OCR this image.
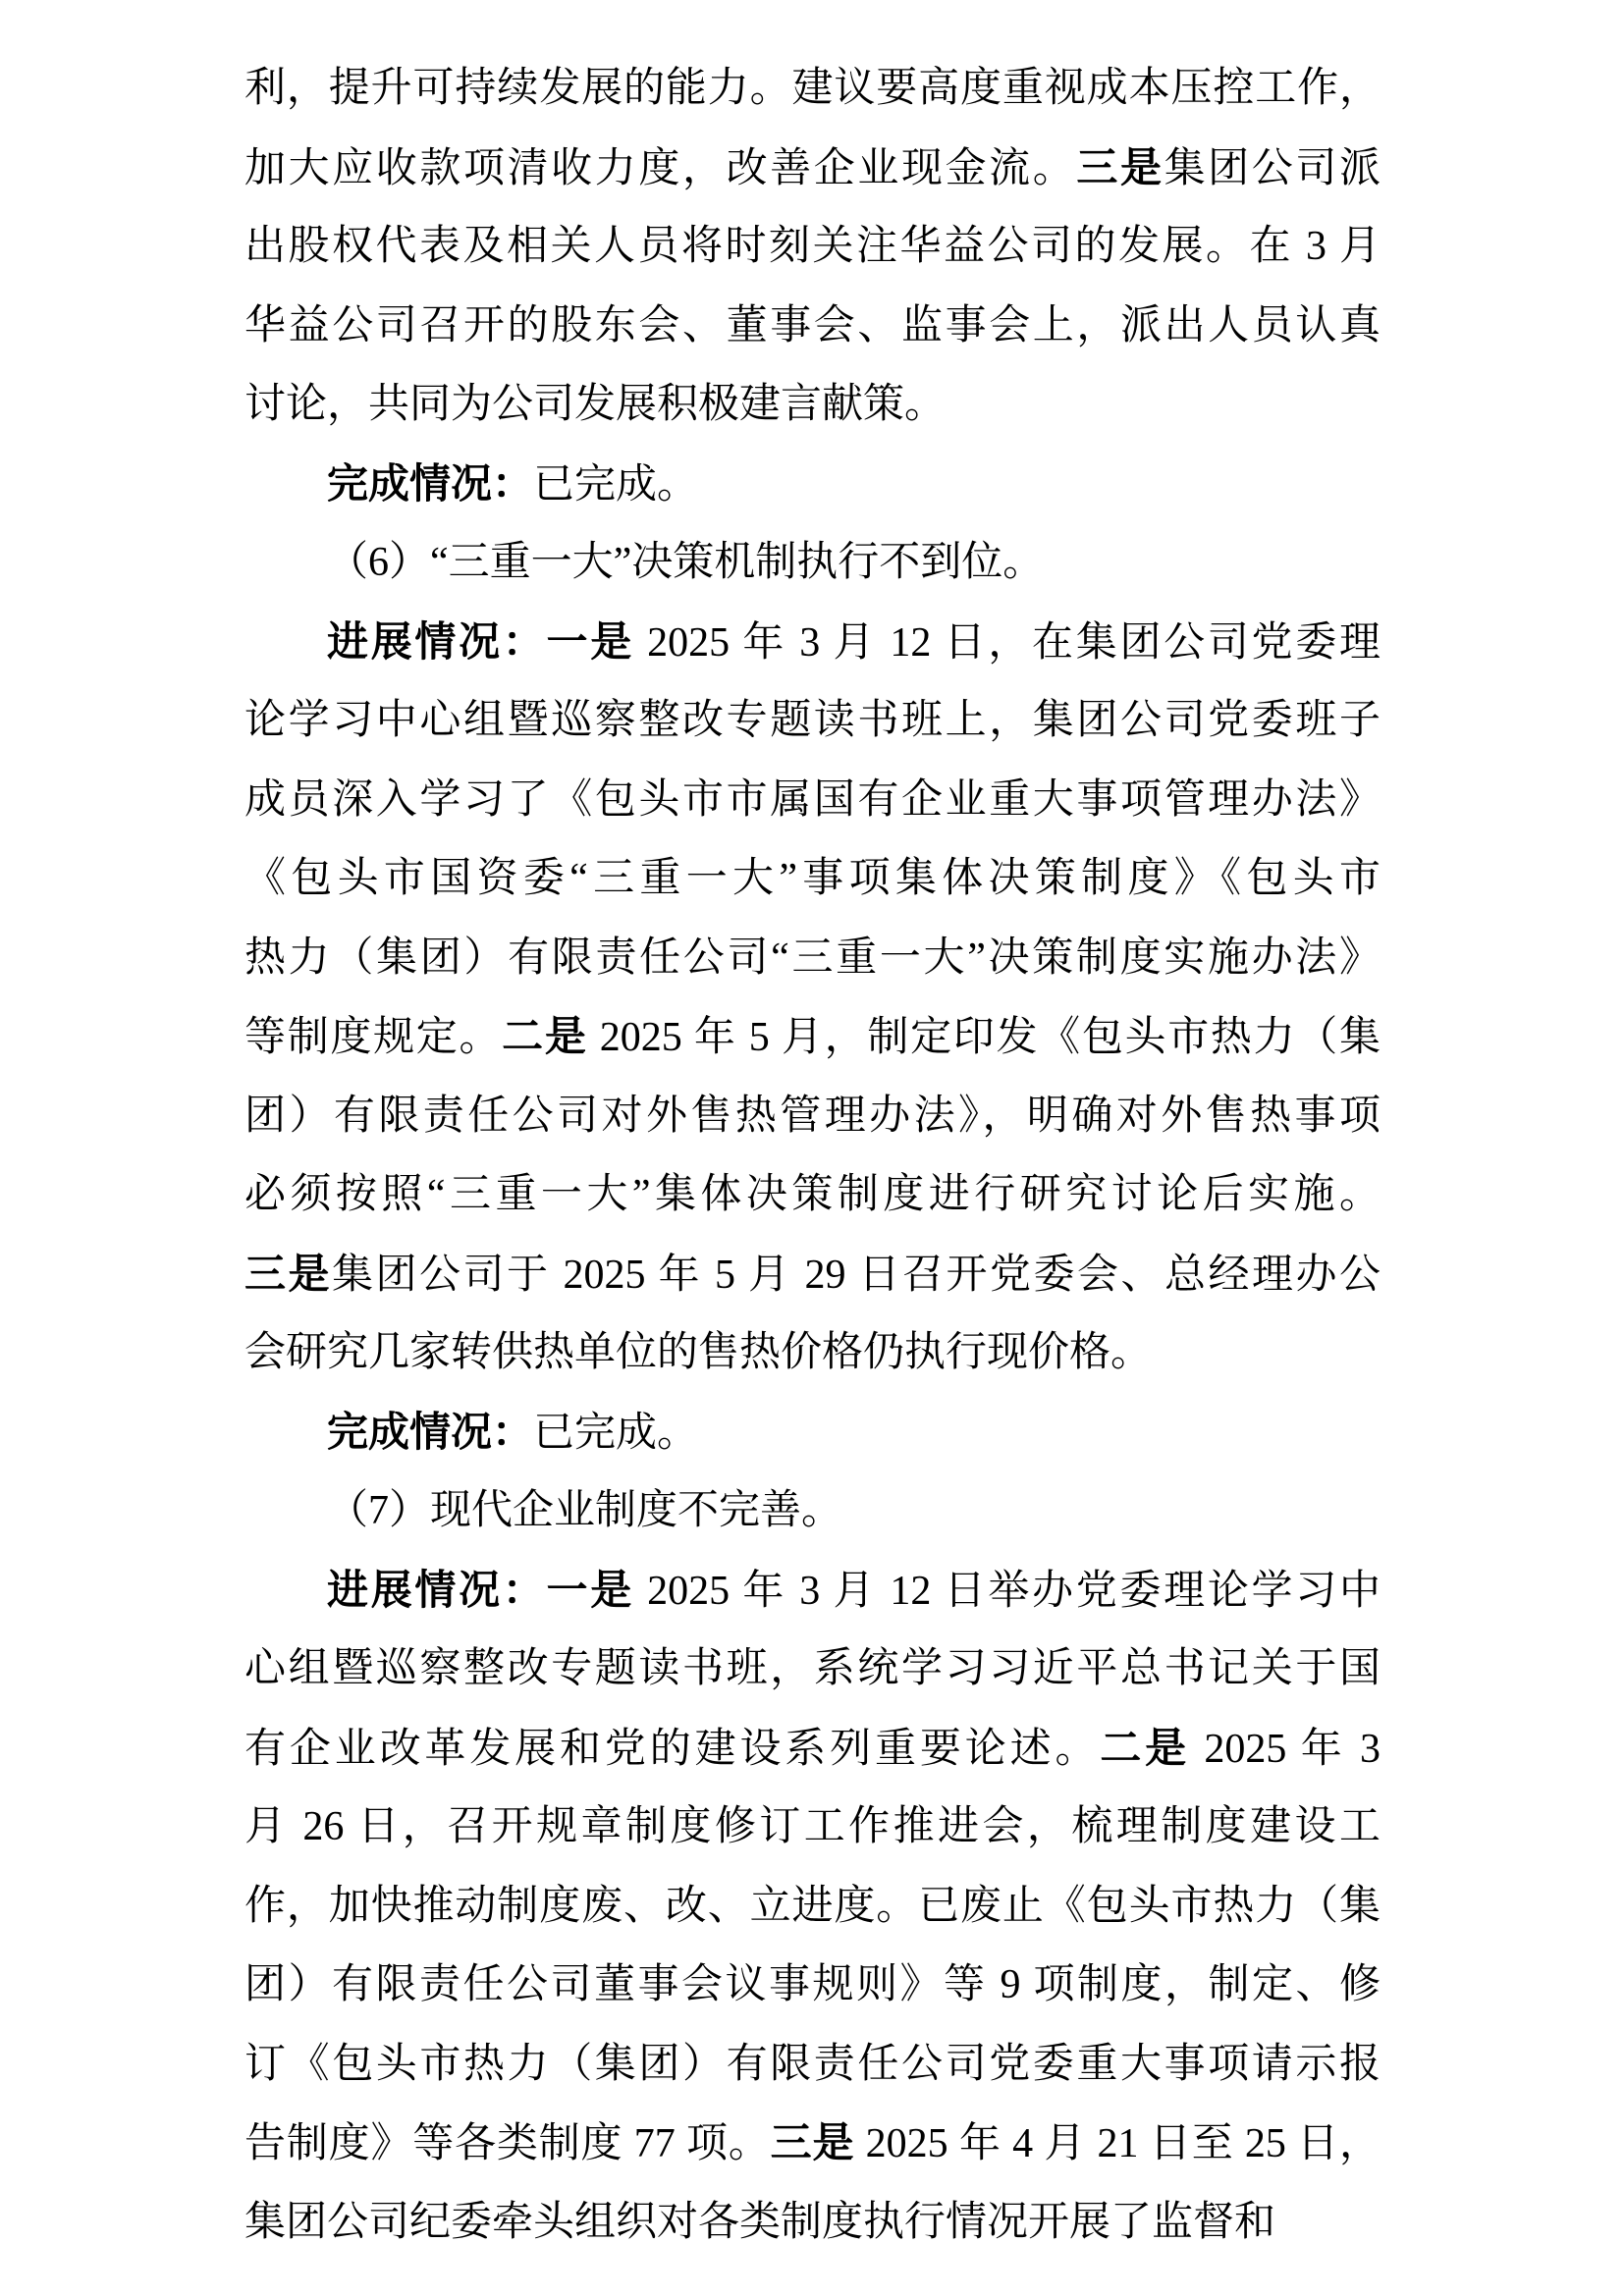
利，提升可持续发展的能力。建议要高度重视成本压控工作，
加大应收款项清收力度，改善企业现金流。三是集团公司派
出股权代表及相关人员将时刻关注华益公司的发展。在 3 月
华益公司召开的股东会、董事会、监事会上，派出人员认真
讨论，共同为公司发展积极建言献策。
完成情况：已完成。
（6）“三重一大”决策机制执行不到位。
进展情况：一是 2025 年 3 月 12 日，在集团公司党委理
论学习中心组暨巡察整改专题读书班上，集团公司党委班子
成员深入学习了《包头市市属国有企业重大事项管理办法》
《包头市国资委“三重一大”事项集体决策制度》《包头市
热力（集团）有限责任公司“三重一大”决策制度实施办法》
等制度规定。二是 2025 年 5 月，制定印发《包头市热力（集
团）有限责任公司对外售热管理办法》，明确对外售热事项
必须按照“三重一大”集体决策制度进行研究讨论后实施。
三是集团公司于 2025 年 5 月 29 日召开党委会、总经理办公
会研究几家转供热单位的售热价格仍执行现价格。
完成情况：已完成。
（7）现代企业制度不完善。
进展情况：一是 2025 年 3 月 12 日举办党委理论学习中
心组暨巡察整改专题读书班，系统学习习近平总书记关于国
有企业改革发展和党的建设系列重要论述。二是 2025 年 3
月 26 日，召开规章制度修订工作推进会，梳理制度建设工
作，加快推动制度废、改、立进度。已废止《包头市热力（集
团）有限责任公司董事会议事规则》等 9 项制度，制定、修
订《包头市热力（集团）有限责任公司党委重大事项请示报
告制度》等各类制度 77 项。三是 2025 年 4 月 21 日至 25 日，
集团公司纪委牵头组织对各类制度执行情况开展了监督和
